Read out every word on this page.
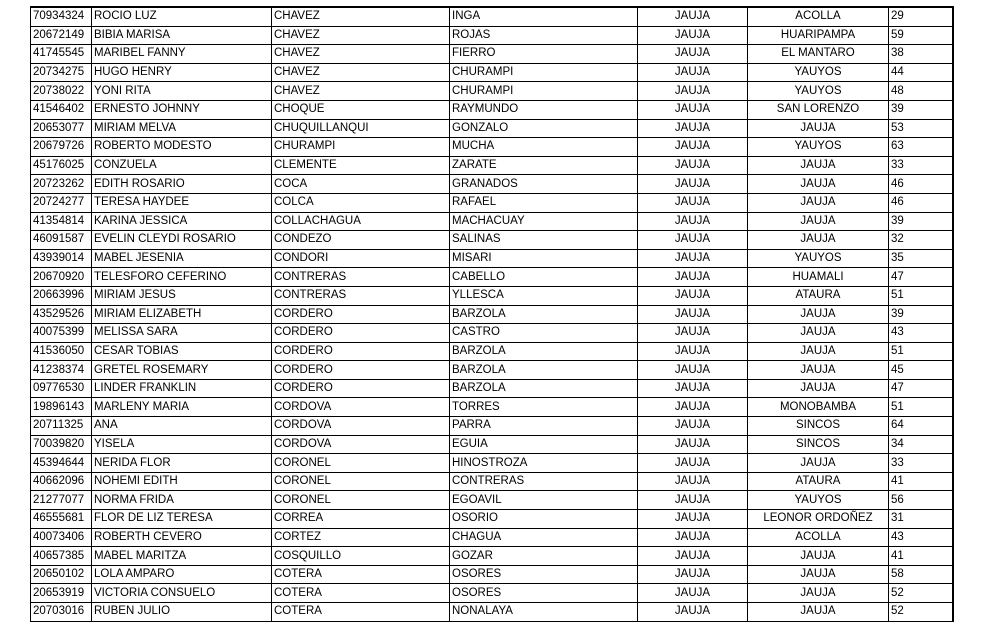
70934324	ROCIO LUZ	CHAVEZ	INGA	JAUJA	ACOLLA	29
20672149	BIBIA MARISA	CHAVEZ	ROJAS	JAUJA	HUARIPAMPA	59
41745545	MARIBEL FANNY	CHAVEZ	FIERRO	JAUJA	EL MANTARO	38
20734275	HUGO HENRY	CHAVEZ	CHURAMPI	JAUJA	YAUYOS	44
20738022	YONI RITA	CHAVEZ	CHURAMPI	JAUJA	YAUYOS	48
41546402	ERNESTO JOHNNY	CHOQUE	RAYMUNDO	JAUJA	SAN LORENZO	39
20653077	MIRIAM MELVA	CHUQUILLANQUI	GONZALO	JAUJA	JAUJA	53
20679726	ROBERTO MODESTO	CHURAMPI	MUCHA	JAUJA	YAUYOS	63
45176025	CONZUELA	CLEMENTE	ZARATE	JAUJA	JAUJA	33
20723262	EDITH ROSARIO	COCA	GRANADOS	JAUJA	JAUJA	46
20724277	TERESA HAYDEE	COLCA	RAFAEL	JAUJA	JAUJA	46
41354814	KARINA JESSICA	COLLACHAGUA	MACHACUAY	JAUJA	JAUJA	39
46091587	EVELIN CLEYDI ROSARIO	CONDEZO	SALINAS	JAUJA	JAUJA	32
43939014	MABEL JESENIA	CONDORI	MISARI	JAUJA	YAUYOS	35
20670920	TELESFORO CEFERINO	CONTRERAS	CABELLO	JAUJA	HUAMALI	47
20663996	MIRIAM JESUS	CONTRERAS	YLLESCA	JAUJA	ATAURA	51
43529526	MIRIAM ELIZABETH	CORDERO	BARZOLA	JAUJA	JAUJA	39
40075399	MELISSA SARA	CORDERO	CASTRO	JAUJA	JAUJA	43
41536050	CESAR TOBIAS	CORDERO	BARZOLA	JAUJA	JAUJA	51
41238374	GRETEL ROSEMARY	CORDERO	BARZOLA	JAUJA	JAUJA	45
09776530	LINDER FRANKLIN	CORDERO	BARZOLA	JAUJA	JAUJA	47
19896143	MARLENY MARIA	CORDOVA	TORRES	JAUJA	MONOBAMBA	51
20711325	ANA	CORDOVA	PARRA	JAUJA	SINCOS	64
70039820	YISELA	CORDOVA	EGUIA	JAUJA	SINCOS	34
45394644	NERIDA FLOR	CORONEL	HINOSTROZA	JAUJA	JAUJA	33
40662096	NOHEMI EDITH	CORONEL	CONTRERAS	JAUJA	ATAURA	41
21277077	NORMA FRIDA	CORONEL	EGOAVIL	JAUJA	YAUYOS	56
46555681	FLOR DE LIZ TERESA	CORREA	OSORIO	JAUJA	LEONOR ORDOÑEZ	31
40073406	ROBERTH CEVERO	CORTEZ	CHAGUA	JAUJA	ACOLLA	43
40657385	MABEL MARITZA	COSQUILLO	GOZAR	JAUJA	JAUJA	41
20650102	LOLA AMPARO	COTERA	OSORES	JAUJA	JAUJA	58
20653919	VICTORIA CONSUELO	COTERA	OSORES	JAUJA	JAUJA	52
20703016	RUBEN JULIO	COTERA	NONALAYA	JAUJA	JAUJA	52
